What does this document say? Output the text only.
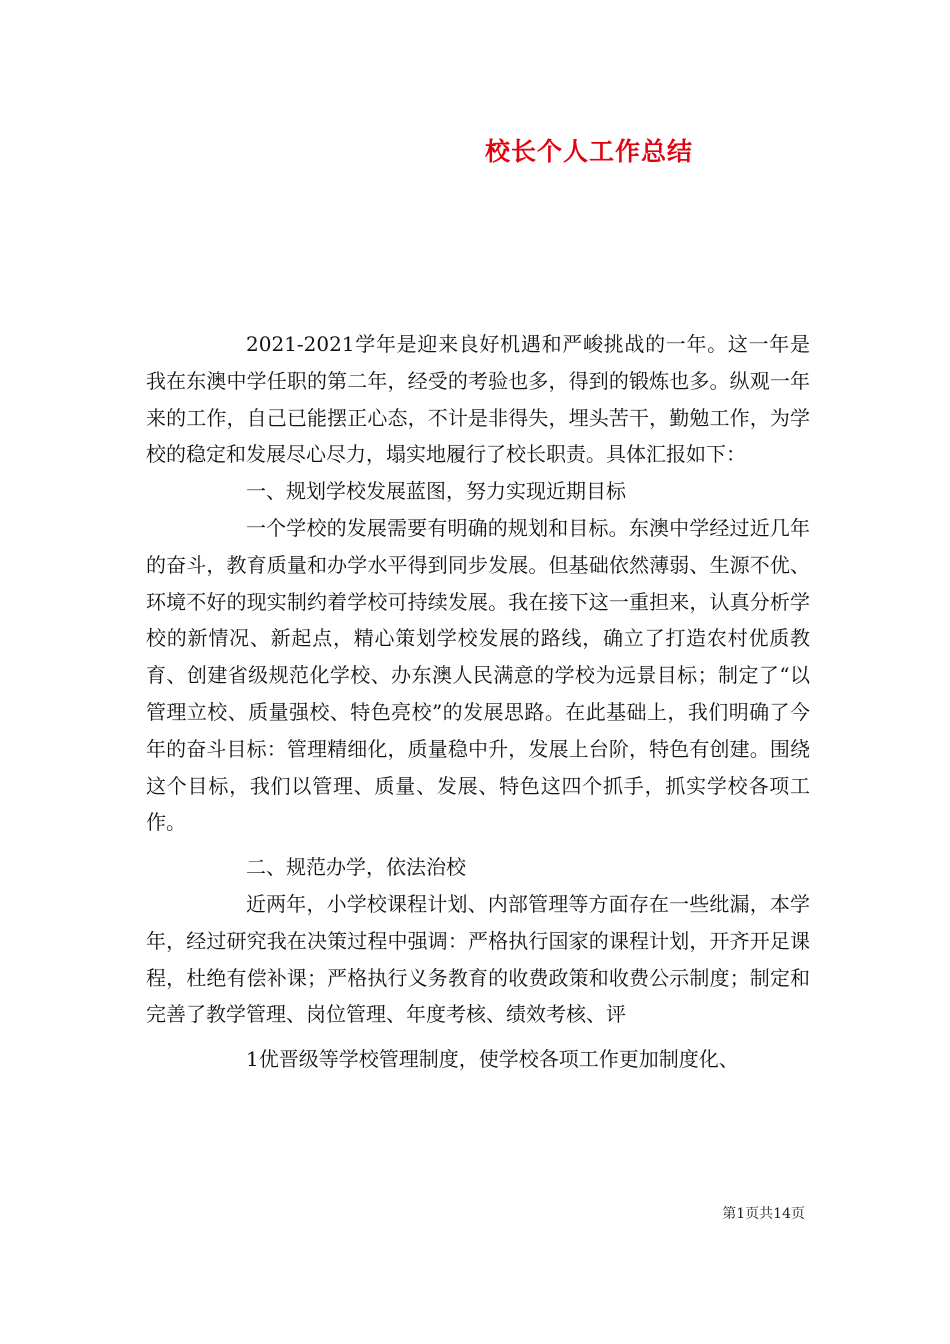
校长个人工作总结

2021-2021学年是迎来良好机遇和严峻挑战的一年。这一年是我在东澳中学任职的第二年，经受的考验也多，得到的锻炼也多。纵观一年来的工作，自己已能摆正心态，不计是非得失，埋头苦干，勤勉工作，为学校的稳定和发展尽心尽力，塌实地履行了校长职责。具体汇报如下：

一、规划学校发展蓝图，努力实现近期目标

一个学校的发展需要有明确的规划和目标。东澳中学经过近几年的奋斗，教育质量和办学水平得到同步发展。但基础依然薄弱、生源不优、环境不好的现实制约着学校可持续发展。我在接下这一重担来，认真分析学校的新情况、新起点，精心策划学校发展的路线，确立了打造农村优质教育、创建省级规范化学校、办东澳人民满意的学校为远景目标；制定了“以管理立校、质量强校、特色亮校”的发展思路。在此基础上，我们明确了今年的奋斗目标：管理精细化，质量稳中升，发展上台阶，特色有创建。围绕这个目标，我们以管理、质量、发展、特色这四个抓手，抓实学校各项工作。

二、规范办学，依法治校

近两年，小学校课程计划、内部管理等方面存在一些纰漏，本学年，经过研究我在决策过程中强调：严格执行国家的课程计划，开齐开足课程，杜绝有偿补课；严格执行义务教育的收费政策和收费公示制度；制定和完善了教学管理、岗位管理、年度考核、绩效考核、评

1优晋级等学校管理制度，使学校各项工作更加制度化、

第1页共14页
